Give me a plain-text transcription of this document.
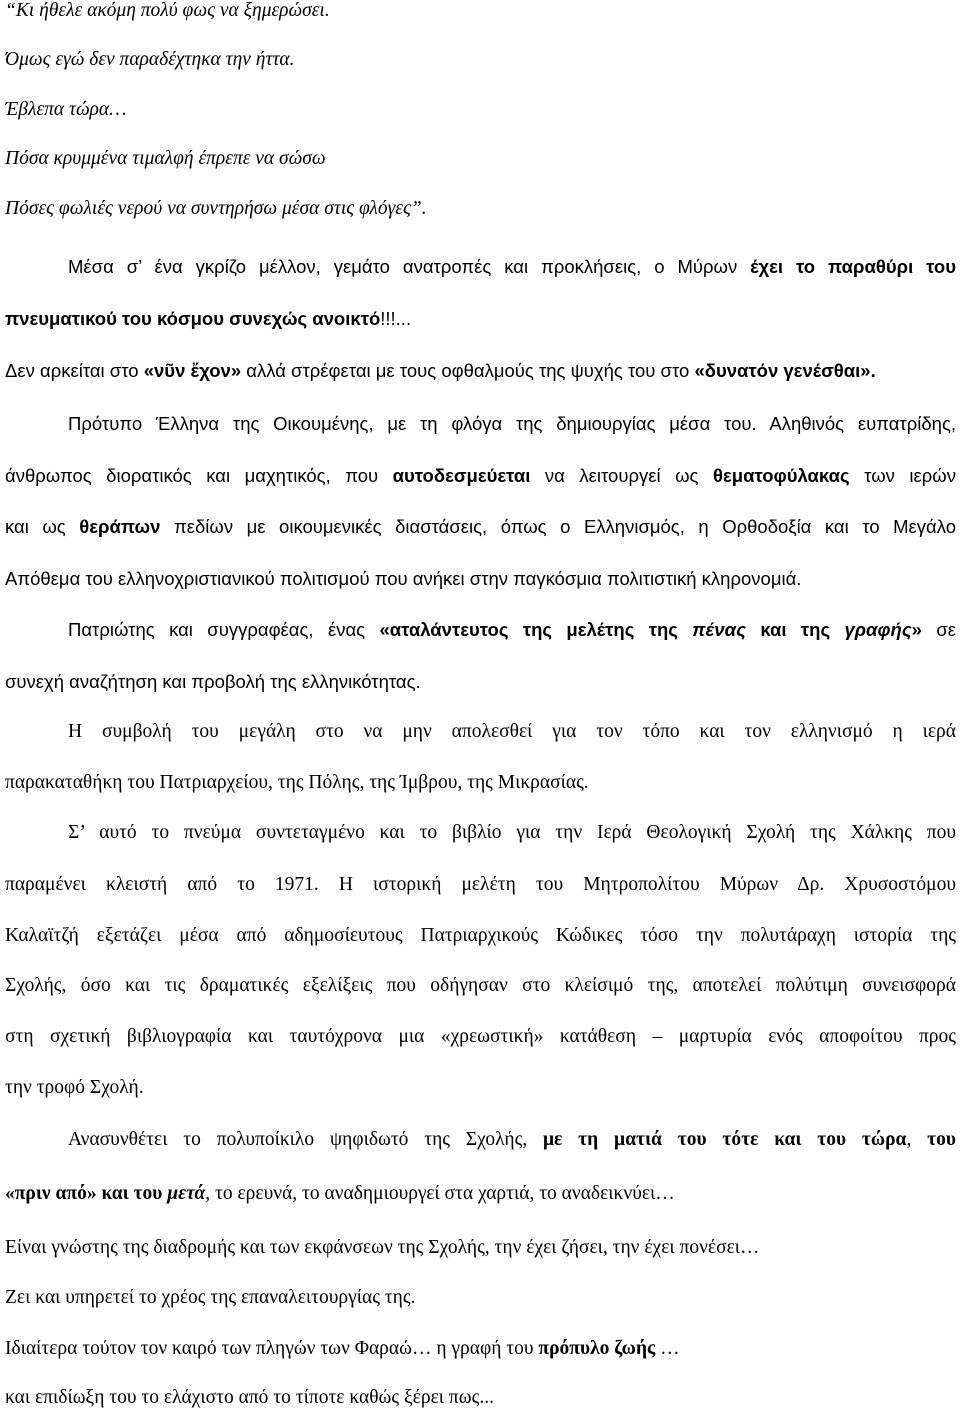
“Κι ήθελε ακόμη πολύ φως να ξημερώσει.
Όμως εγώ δεν παραδέχτηκα την ήττα.
Έβλεπα τώρα…
Πόσα κρυμμένα τιμαλφή έπρεπε να σώσω
Πόσες φωλιές νερού να συντηρήσω μέσα στις φλόγες”.
Μέσα σ’ ένα γκρίζο μέλλον, γεμάτο ανατροπές και προκλήσεις, ο Μύρων έχει το παραθύρι του
πνευματικού του κόσμου συνεχώς ανοικτό!!!...
Δεν αρκείται στο «νῦν ἔχον» αλλά στρέφεται με τους οφθαλμούς της ψυχής του στο «δυνατόν γενέσθαι».
Πρότυπο Έλληνα της Οικουμένης, με τη φλόγα της δημιουργίας μέσα του. Αληθινός ευπατρίδης,
άνθρωπος διορατικός και μαχητικός, που αυτοδεσμεύεται να λειτουργεί ως θεματοφύλακας των ιερών
και ως θεράπων πεδίων με οικουμενικές διαστάσεις, όπως ο Ελληνισμός, η Ορθοδοξία και το Μεγάλο
Απόθεμα του ελληνοχριστιανικού πολιτισμού που ανήκει στην παγκόσμια πολιτιστική κληρονομιά.
Πατριώτης και συγγραφέας, ένας «αταλάντευτος της μελέτης της πένας και της γραφής» σε
συνεχή αναζήτηση και προβολή της ελληνικότητας.
Η συμβολή του μεγάλη στο να μην απολεσθεί για τον τόπο και τον ελληνισμό η ιερά
παρακαταθήκη του Πατριαρχείου, της Πόλης, της Ίμβρου, της Μικρασίας.
Σ’ αυτό το πνεύμα συντεταγμένο και το βιβλίο για την Ιερά Θεολογική Σχολή της Χάλκης που
παραμένει κλειστή από το 1971. Η ιστορική μελέτη του Μητροπολίτου Μύρων Δρ. Χρυσοστόμου
Καλαϊτζή εξετάζει μέσα από αδημοσίευτους Πατριαρχικούς Κώδικες τόσο την πολυτάραχη ιστορία της
Σχολής, όσο και τις δραματικές εξελίξεις που οδήγησαν στο κλείσιμό της, αποτελεί πολύτιμη συνεισφορά
στη σχετική βιβλιογραφία και ταυτόχρονα μια «χρεωστική» κατάθεση – μαρτυρία ενός αποφοίτου προς
την τροφό Σχολή.
Ανασυνθέτει το πολυποίκιλο ψηφιδωτό της Σχολής, με τη ματιά του τότε και του τώρα, του
«πριν από» και του μετά, το ερευνά, το αναδημιουργεί στα χαρτιά, το αναδεικνύει…
Είναι γνώστης της διαδρομής και των εκφάνσεων της Σχολής, την έχει ζήσει, την έχει πονέσει…
Ζει και υπηρετεί το χρέος της επαναλειτουργίας της.
Ιδιαίτερα τούτον τον καιρό των πληγών των Φαραώ… η γραφή του πρόπυλο ζωής …
και επιδίωξη του το ελάχιστο από το τίποτε καθώς ξέρει πως...
